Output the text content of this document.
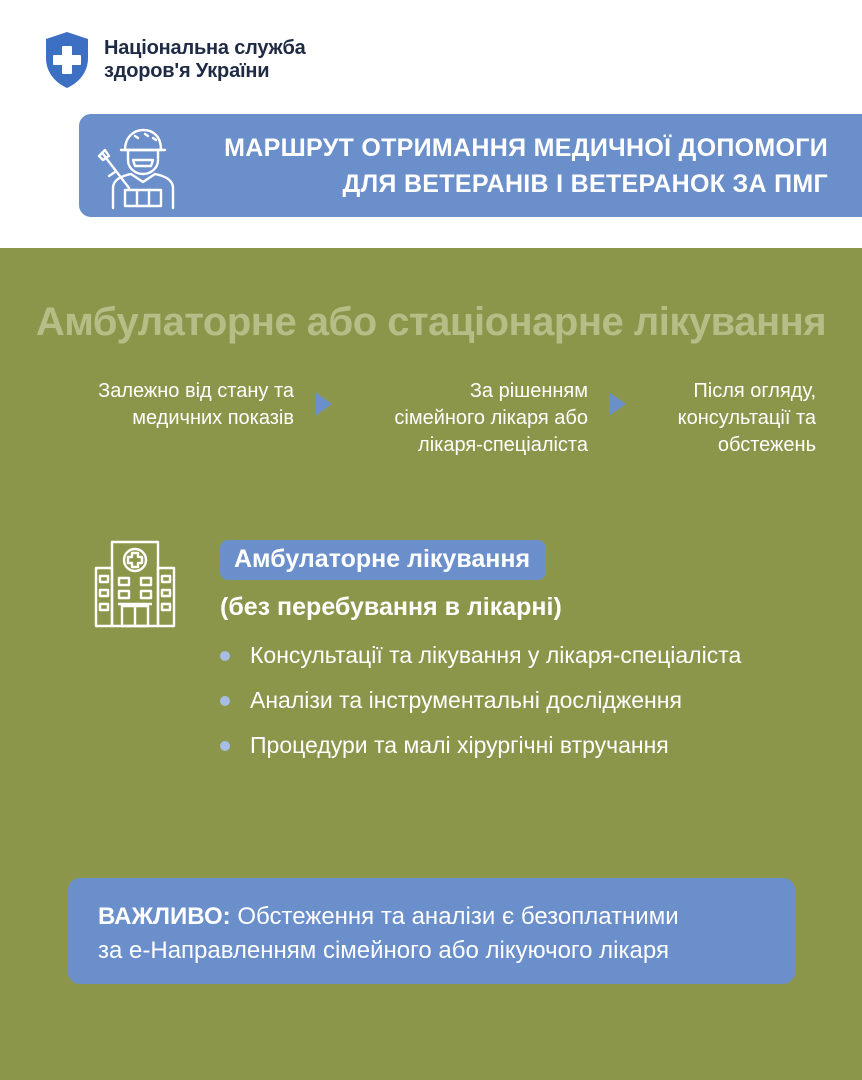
Національна служба
здоров'я України
МАРШРУТ ОТРИМАННЯ МЕДИЧНОЇ ДОПОМОГИ
ДЛЯ ВЕТЕРАНІВ І ВЕТЕРАНОК ЗА ПМГ
Амбулаторне або стаціонарне лікування
Залежно від стану та
медичних показів
За рішенням
сімейного лікаря або
лікаря-спеціаліста
Після огляду,
консультації та
обстежень
Амбулаторне лікування
(без перебування в лікарні)
Консультації та лікування у лікаря-спеціаліста
Аналізи та інструментальні дослідження
Процедури та малі хірургічні втручання
ВАЖЛИВО: Обстеження та аналізи є безоплатними
за е-Направленням сімейного або лікуючого лікаря
